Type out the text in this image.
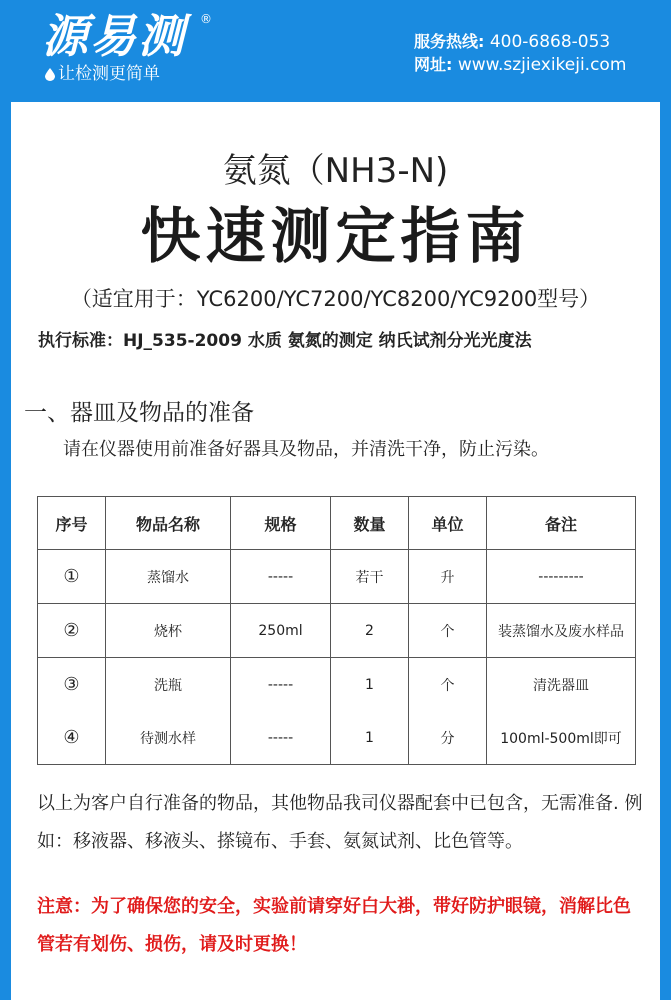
源易测 ®
让检测更简单
服务热线: 400-6868-053
网址: www.szjiexikeji.com
氨氮（NH3-N)
快速测定指南
（适宜用于：YC6200/YC7200/YC8200/YC9200型号）
执行标准：HJ_535-2009 水质 氨氮的测定 纳氏试剂分光光度法
一、器皿及物品的准备
请在仪器使用前准备好器具及物品，并清洗干净，防止污染。
序号	物品名称	规格	数量	单位	备注
①	蒸馏水	-----	若干	升	---------
②	烧杯	250ml	2	个	装蒸馏水及废水样品
③	洗瓶	-----	1	个	清洗器皿
④	待测水样	-----	1	分	100ml-500ml即可
以上为客户自行准备的物品，其他物品我司仪器配套中已包含，无需准备. 例如：移液器、移液头、搽镜布、手套、氨氮试剂、比色管等。
注意：为了确保您的安全，实验前请穿好白大褂，带好防护眼镜，消解比色管若有划伤、损伤，请及时更换！
